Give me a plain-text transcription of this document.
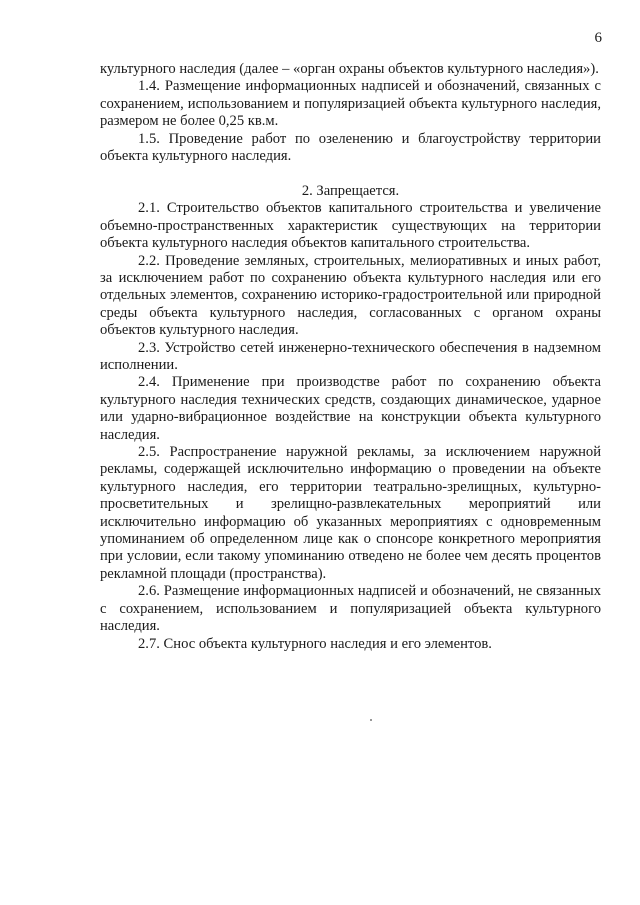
6

культурного наследия (далее – «орган охраны объектов культурного наследия»).

1.4. Размещение информационных надписей и обозначений, связанных с сохранением, использованием и популяризацией объекта культурного наследия, размером не более 0,25 кв.м.

1.5. Проведение работ по озеленению и благоустройству территории объекта культурного наследия.

2. Запрещается.

2.1. Строительство объектов капитального строительства и увеличение объемно-пространственных характеристик существующих на территории объекта культурного наследия объектов капитального строительства.

2.2. Проведение земляных, строительных, мелиоративных и иных работ, за исключением работ по сохранению объекта культурного наследия или его отдельных элементов, сохранению историко-градостроительной или природной среды объекта культурного наследия, согласованных с органом охраны объектов культурного наследия.

2.3. Устройство сетей инженерно-технического обеспечения в надземном исполнении.

2.4. Применение при производстве работ по сохранению объекта культурного наследия технических средств, создающих динамическое, ударное или ударно-вибрационное воздействие на конструкции объекта культурного наследия.

2.5. Распространение наружной рекламы, за исключением наружной рекламы, содержащей исключительно информацию о проведении на объекте культурного наследия, его территории театрально-зрелищных, культурно-просветительных и зрелищно-развлекательных мероприятий или исключительно информацию об указанных мероприятиях с одновременным упоминанием об определенном лице как о спонсоре конкретного мероприятия при условии, если такому упоминанию отведено не более чем десять процентов рекламной площади (пространства).

2.6. Размещение информационных надписей и обозначений, не связанных с сохранением, использованием и популяризацией объекта культурного наследия.

2.7. Снос объекта культурного наследия и его элементов.
